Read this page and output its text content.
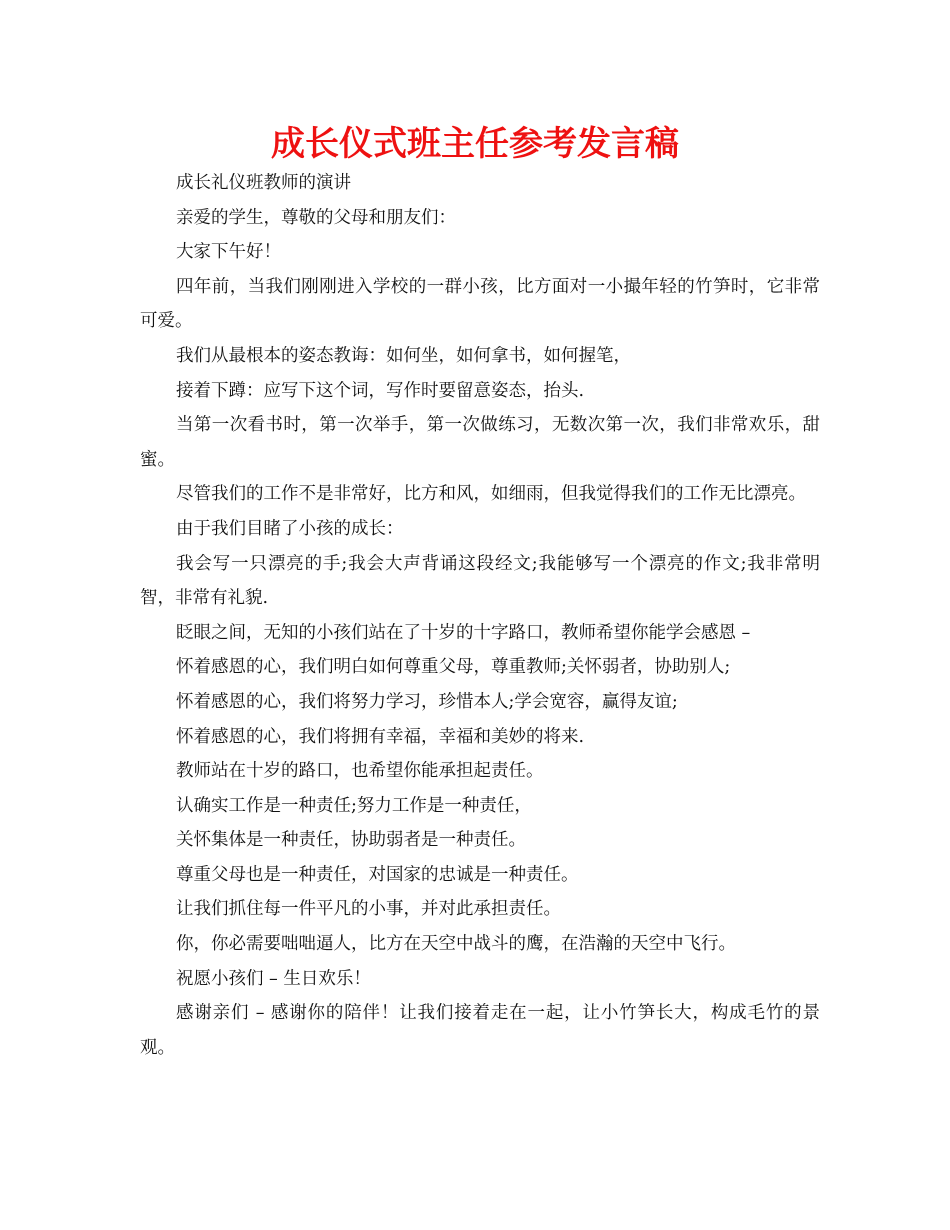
成长仪式班主任参考发言稿

成长礼仪班教师的演讲

亲爱的学生，尊敬的父母和朋友们：

大家下午好！

四年前，当我们刚刚进入学校的一群小孩，比方面对一小撮年轻的竹笋时，它非常可爱。

我们从最根本的姿态教诲：如何坐，如何拿书，如何握笔，

接着下蹲：应写下这个词，写作时要留意姿态，抬头.

当第一次看书时，第一次举手，第一次做练习，无数次第一次，我们非常欢乐，甜蜜。

尽管我们的工作不是非常好，比方和风，如细雨，但我觉得我们的工作无比漂亮。

由于我们目睹了小孩的成长：

我会写一只漂亮的手;我会大声背诵这段经文;我能够写一个漂亮的作文;我非常明智，非常有礼貌.

眨眼之间，无知的小孩们站在了十岁的十字路口，教师希望你能学会感恩 –

怀着感恩的心，我们明白如何尊重父母，尊重教师;关怀弱者，协助别人;

怀着感恩的心，我们将努力学习，珍惜本人;学会宽容，赢得友谊;

怀着感恩的心，我们将拥有幸福，幸福和美妙的将来.

教师站在十岁的路口，也希望你能承担起责任。

认确实工作是一种责任;努力工作是一种责任，

关怀集体是一种责任，协助弱者是一种责任。

尊重父母也是一种责任，对国家的忠诚是一种责任。

让我们抓住每一件平凡的小事，并对此承担责任。

你，你必需要咄咄逼人，比方在天空中战斗的鹰，在浩瀚的天空中飞行。

祝愿小孩们 – 生日欢乐！

感谢亲们 – 感谢你的陪伴！让我们接着走在一起，让小竹笋长大，构成毛竹的景观。
